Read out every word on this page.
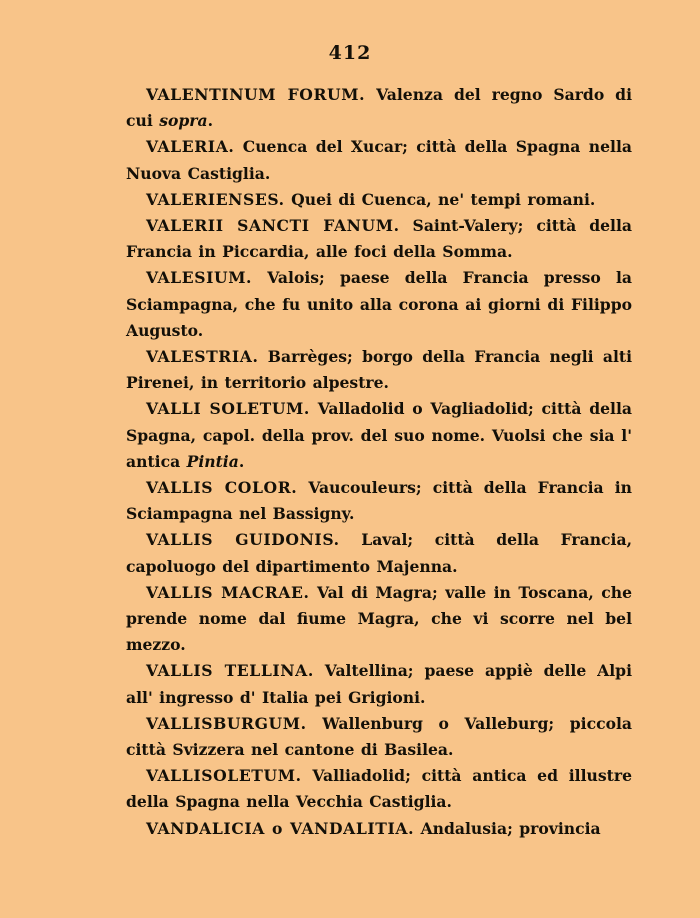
412

VALENTINUM FORUM. Valenza del regno Sardo di cui sopra.

VALERIA. Cuenca del Xucar; città della Spagna nella Nuova Castiglia.

VALERIENSES. Quei di Cuenca, ne' tempi romani.

VALERII SANCTI FANUM. Saint-Valery; città della Francia in Piccardia, alle foci della Somma.

VALESIUM. Valois; paese della Francia presso la Sciampagna, che fu unito alla corona ai giorni di Filippo Augusto.

VALESTRIA. Barrèges; borgo della Francia negli alti Pirenei, in territorio alpestre.

VALLI SOLETUM. Valladolid o Vagliadolid; città della Spagna, capol. della prov. del suo nome. Vuolsi che sia l' antica Pintia.

VALLIS COLOR. Vaucouleurs; città della Francia in Sciampagna nel Bassigny.

VALLIS GUIDONIS. Laval; città della Francia, capoluogo del dipartimento Majenna.

VALLIS MACRAE. Val di Magra; valle in Toscana, che prende nome dal fiume Magra, che vi scorre nel bel mezzo.

VALLIS TELLINA. Valtellina; paese appiè delle Alpi all' ingresso d' Italia pei Grigioni.

VALLISBURGUM. Wallenburg o Valleburg; piccola città Svizzera nel cantone di Basilea.

VALLISOLETUM. Valliadolid; città antica ed illustre della Spagna nella Vecchia Castiglia.

VANDALICIA o VANDALITIA. Andalusia; provincia
